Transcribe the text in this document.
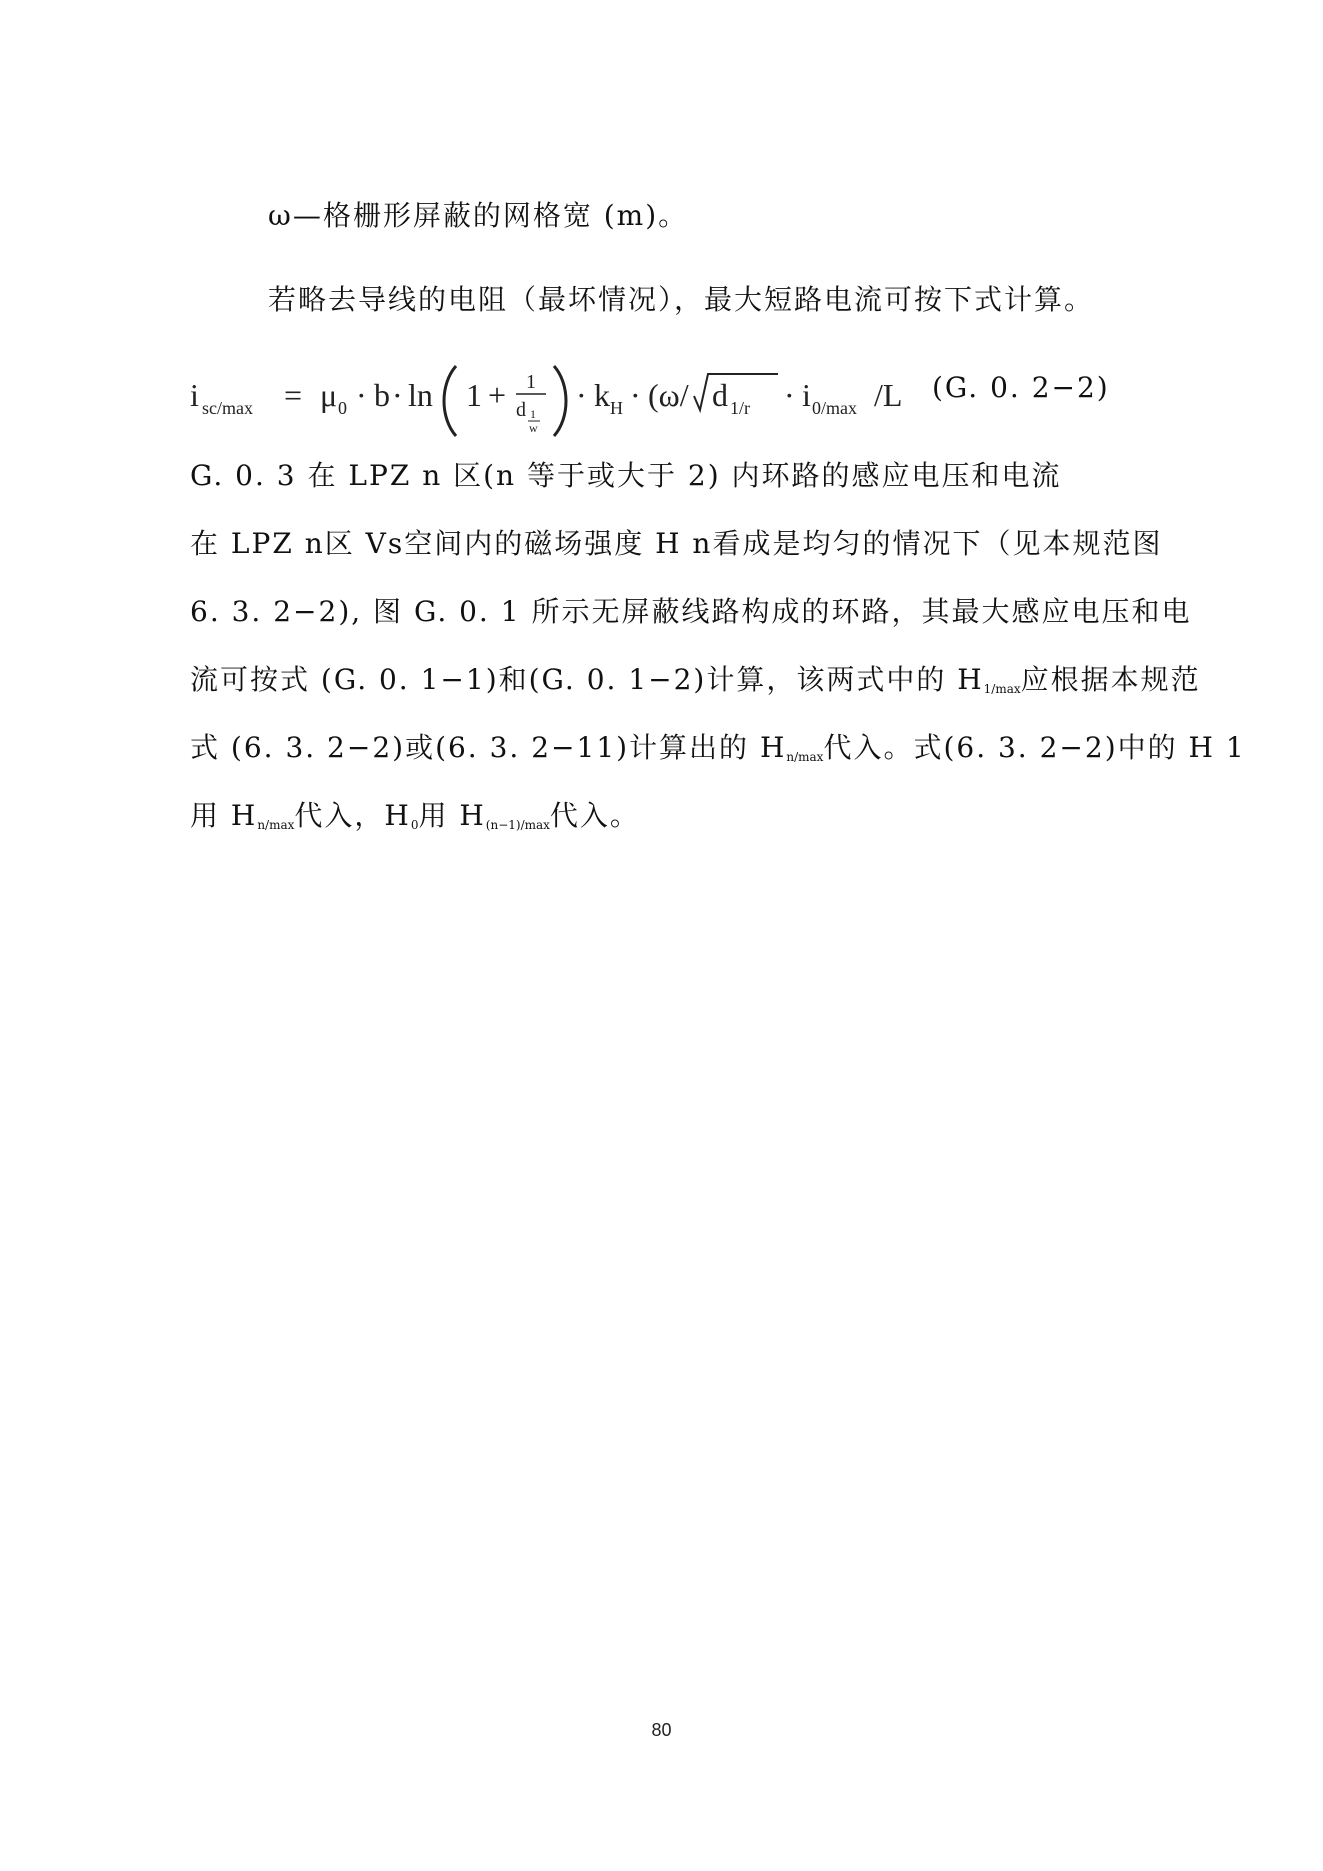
ω—格栅形屏蔽的网格宽 (m)。
若略去导线的电阻（最坏情况），最大短路电流可按下式计算。
i sc/max = μ 0 · b · ln 1 + 1
d 1
w
· k H · (ω/ d 1/r · i 0/max /L (G. 0. 2−2)
G. 0. 3 在 LPZ n 区(n 等于或大于 2) 内环路的感应电压和电流
在 LPZ n区 Vs空间内的磁场强度 H n看成是均匀的情况下（见本规范图
6. 3. 2−2), 图 G. 0. 1 所示无屏蔽线路构成的环路，其最大感应电压和电
流可按式 (G. 0. 1−1)和(G. 0. 1−2)计算，该两式中的 $H_{1/max}$应根据本规范
式 (6. 3. 2−2)或(6. 3. 2−11)计算出的 $H_{n/max}$代入。式(6. 3. 2−2)中的 H 1
用 $H_{n/max}$代入，$H_0$用 $H_{(n-1)/max}$代入。
80
